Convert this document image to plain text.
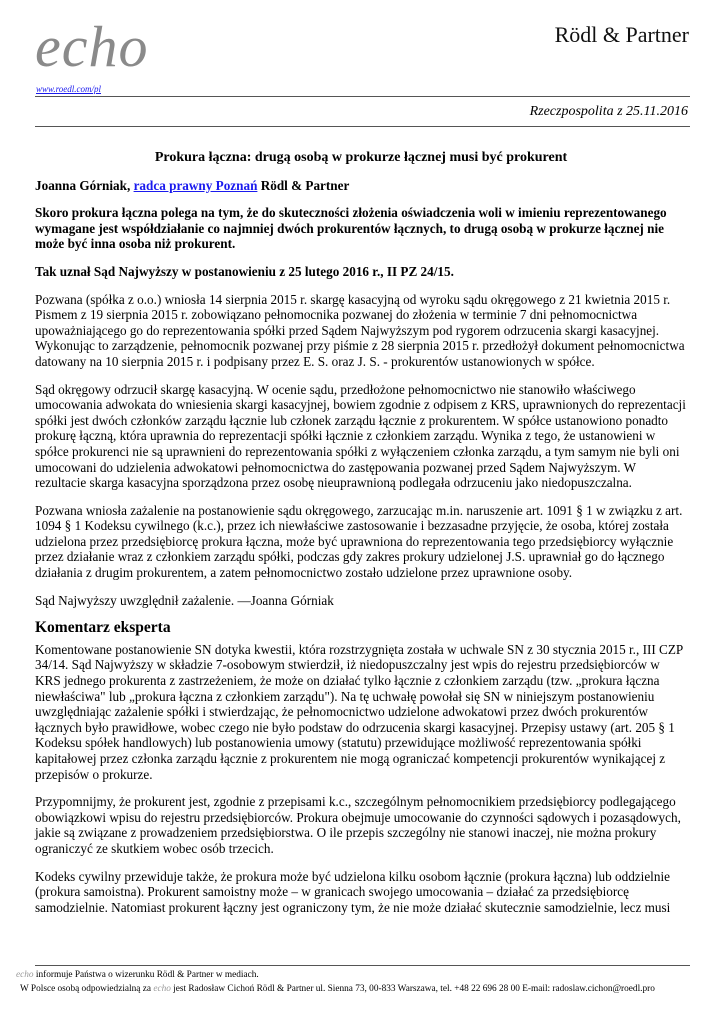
echo
www.roedl.com/pl
Rödl & Partner
Rzeczpospolita z 25.11.2016

Prokura łączna: drugą osobą w prokurze łącznej musi być prokurent

Joanna Górniak, radca prawny Poznań Rödl & Partner

Skoro prokura łączna polega na tym, że do skuteczności złożenia oświadczenia woli w imieniu reprezentowanego wymagane jest współdziałanie co najmniej dwóch prokurentów łącznych, to drugą osobą w prokurze łącznej nie może być inna osoba niż prokurent.

Tak uznał Sąd Najwyższy w postanowieniu z 25 lutego 2016 r., II PZ 24/15.

Pozwana (spółka z o.o.) wniosła 14 sierpnia 2015 r. skargę kasacyjną od wyroku sądu okręgowego z 21 kwietnia 2015 r. Pismem z 19 sierpnia 2015 r. zobowiązano pełnomocnika pozwanej do złożenia w terminie 7 dni pełnomocnictwa upoważniającego go do reprezentowania spółki przed Sądem Najwyższym pod rygorem odrzucenia skargi kasacyjnej. Wykonując to zarządzenie, pełnomocnik pozwanej przy piśmie z 28 sierpnia 2015 r. przedłożył dokument pełnomocnictwa datowany na 10 sierpnia 2015 r. i podpisany przez E. S. oraz J. S. - prokurentów ustanowionych w spółce.

Sąd okręgowy odrzucił skargę kasacyjną. W ocenie sądu, przedłożone pełnomocnictwo nie stanowiło właściwego umocowania adwokata do wniesienia skargi kasacyjnej, bowiem zgodnie z odpisem z KRS, uprawnionych do reprezentacji spółki jest dwóch członków zarządu łącznie lub członek zarządu łącznie z prokurentem. W spółce ustanowiono ponadto prokurę łączną, która uprawnia do reprezentacji spółki łącznie z członkiem zarządu. Wynika z tego, że ustanowieni w spółce prokurenci nie są uprawnieni do reprezentowania spółki z wyłączeniem członka zarządu, a tym samym nie byli oni umocowani do udzielenia adwokatowi pełnomocnictwa do zastępowania pozwanej przed Sądem Najwyższym. W rezultacie skarga kasacyjna sporządzona przez osobę nieuprawnioną podlegała odrzuceniu jako niedopuszczalna.

Pozwana wniosła zażalenie na postanowienie sądu okręgowego, zarzucając m.in. naruszenie art. 1091 § 1 w związku z art. 1094 § 1 Kodeksu cywilnego (k.c.), przez ich niewłaściwe zastosowanie i bezzasadne przyjęcie, że osoba, której została udzielona przez przedsiębiorcę prokura łączna, może być uprawniona do reprezentowania tego przedsiębiorcy wyłącznie przez działanie wraz z członkiem zarządu spółki, podczas gdy zakres prokury udzielonej J.S. uprawniał go do łącznego działania z drugim prokurentem, a zatem pełnomocnictwo zostało udzielone przez uprawnione osoby.

Sąd Najwyższy uwzględnił zażalenie. —Joanna Górniak

Komentarz eksperta

Komentowane postanowienie SN dotyka kwestii, która rozstrzygnięta została w uchwale SN z 30 stycznia 2015 r., III CZP 34/14. Sąd Najwyższy w składzie 7-osobowym stwierdził, iż niedopuszczalny jest wpis do rejestru przedsiębiorców w KRS jednego prokurenta z zastrzeżeniem, że może on działać tylko łącznie z członkiem zarządu (tzw. „prokura łączna niewłaściwa" lub „prokura łączna z członkiem zarządu"). Na tę uchwałę powołał się SN w niniejszym postanowieniu uwzględniając zażalenie spółki i stwierdzając, że pełnomocnictwo udzielone adwokatowi przez dwóch prokurentów łącznych było prawidłowe, wobec czego nie było podstaw do odrzucenia skargi kasacyjnej. Przepisy ustawy (art. 205 § 1 Kodeksu spółek handlowych) lub postanowienia umowy (statutu) przewidujące możliwość reprezentowania spółki kapitałowej przez członka zarządu łącznie z prokurentem nie mogą ograniczać kompetencji prokurentów wynikającej z przepisów o prokurze.

Przypomnijmy, że prokurent jest, zgodnie z przepisami k.c., szczególnym pełnomocnikiem przedsiębiorcy podlegającego obowiązkowi wpisu do rejestru przedsiębiorców. Prokura obejmuje umocowanie do czynności sądowych i pozasądowych, jakie są związane z prowadzeniem przedsiębiorstwa. O ile przepis szczególny nie stanowi inaczej, nie można prokury ograniczyć ze skutkiem wobec osób trzecich.

Kodeks cywilny przewiduje także, że prokura może być udzielona kilku osobom łącznie (prokura łączna) lub oddzielnie (prokura samoistna). Prokurent samoistny może – w granicach swojego umocowania – działać za przedsiębiorcę samodzielnie. Natomiast prokurent łączny jest ograniczony tym, że nie może działać skutecznie samodzielnie, lecz musi

echo informuje Państwa o wizerunku Rödl & Partner w mediach.
W Polsce osobą odpowiedzialną za echo jest Radosław Cichoń Rödl & Partner ul. Sienna 73, 00-833 Warszawa, tel. +48 22 696 28 00 E-mail: radoslaw.cichon@roedl.pro
